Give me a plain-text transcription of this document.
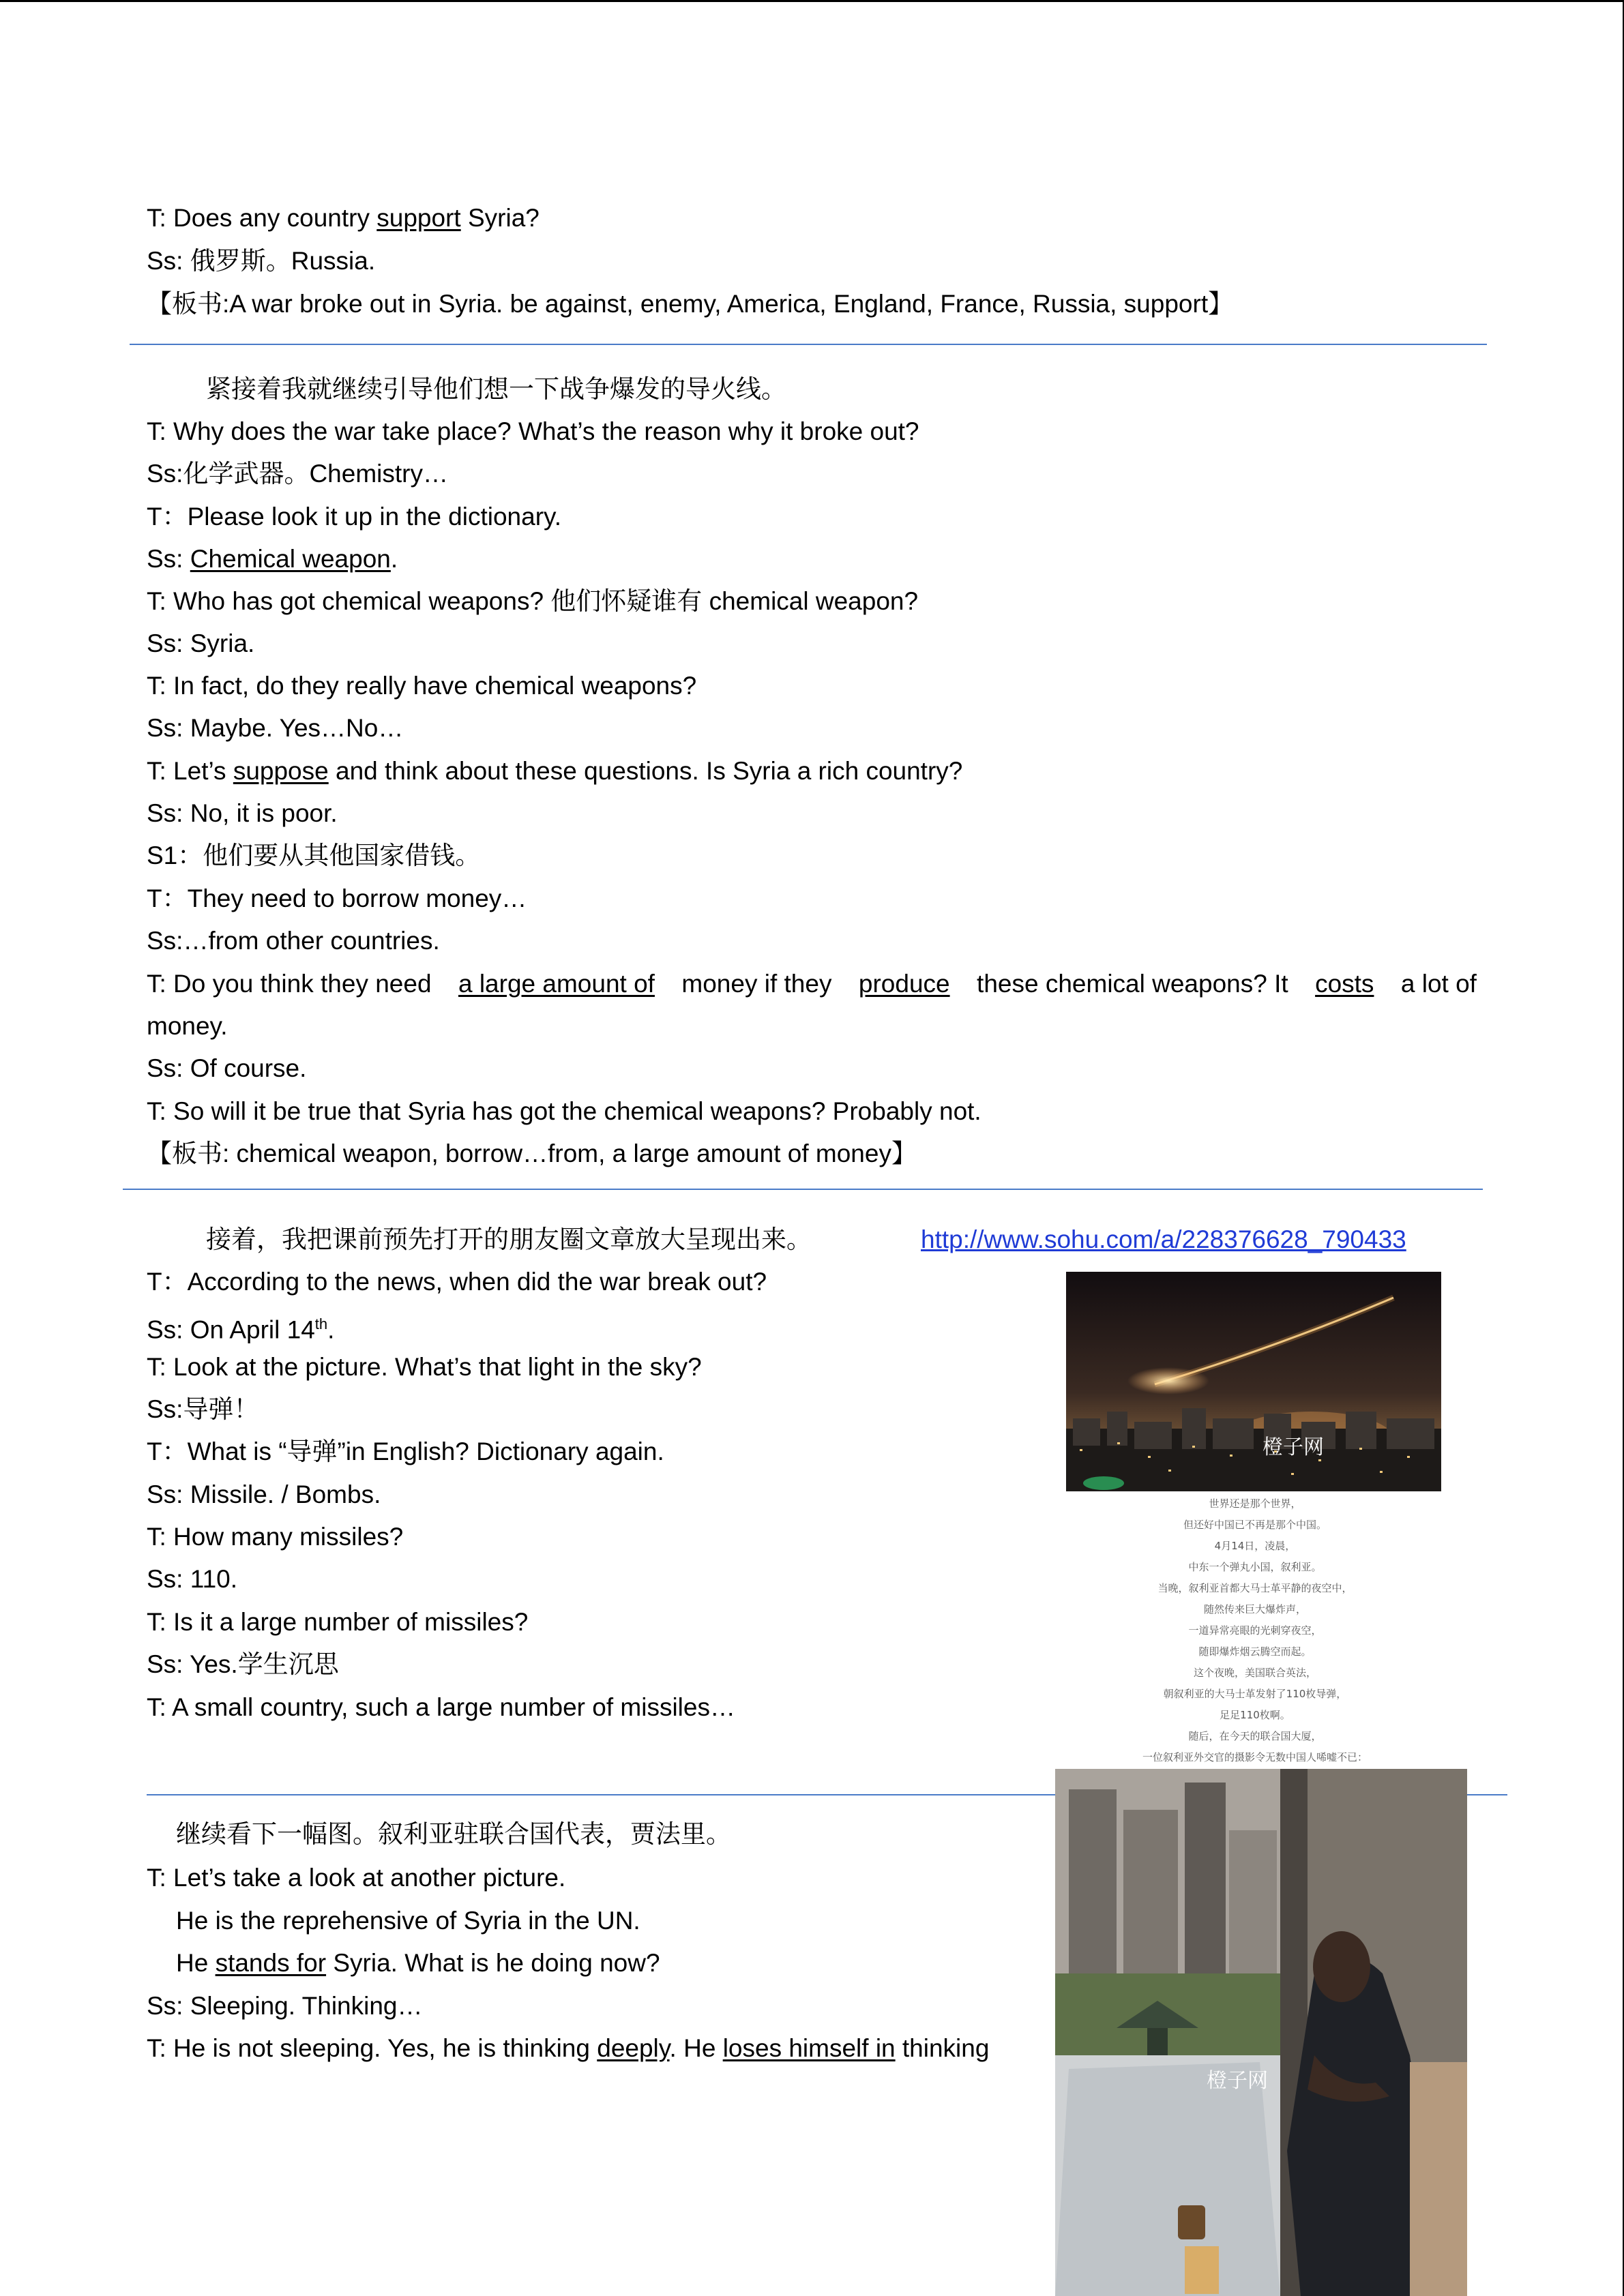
T: Does any country support Syria?
Ss: 俄罗斯。Russia.
【板书:A war broke out in Syria. be against, enemy, America, England, France, Russia, support】
紧接着我就继续引导他们想一下战争爆发的导火线。
T: Why does the war take place? What’s the reason why it broke out?
Ss:化学武器。Chemistry…
T：Please look it up in the dictionary.
Ss: Chemical weapon.
T: Who has got chemical weapons? 他们怀疑谁有 chemical weapon?
Ss: Syria.
T: In fact, do they really have chemical weapons?
Ss: Maybe. Yes…No…
T: Let’s suppose and think about these questions. Is Syria a rich country?
Ss: No, it is poor.
S1：他们要从其他国家借钱。
T：They need to borrow money…
Ss:…from other countries.
T: Do you think they need a large amount of money if they produce these chemical weapons? It costs a lot of
money.
Ss: Of course.
T: So will it be true that Syria has got the chemical weapons? Probably not.
【板书: chemical weapon, borrow…from, a large amount of money】
接着，我把课前预先打开的朋友圈文章放大呈现出来。	http://www.sohu.com/a/228376628_790433
T：According to the news, when did the war break out?
Ss: On April 14th.
T: Look at the picture. What’s that light in the sky?
Ss:导弹！
T：What is “导弹”in English? Dictionary again.
Ss: Missile. / Bombs.
T: How many missiles?
Ss: 110.
T: Is it a large number of missiles?
Ss: Yes.学生沉思
T: A small country, such a large number of missiles…
橙子网
世界还是那个世界，
但还好中国已不再是那个中国。
4月14日，凌晨，
中东一个弹丸小国，叙利亚。
当晚，叙利亚首都大马士革平静的夜空中，
随然传来巨大爆炸声，
一道异常亮眼的光刺穿夜空，
随即爆炸烟云腾空而起。
这个夜晚，美国联合英法，
朝叙利亚的大马士革发射了110枚导弹，
足足110枚啊。
随后，在今天的联合国大厦，
一位叙利亚外交官的摄影令无数中国人唏嘘不已：
继续看下一幅图。叙利亚驻联合国代表，贾法里。
T: Let’s take a look at another picture.
He is the reprehensive of Syria in the UN.
He stands for Syria. What is he doing now?
Ss: Sleeping. Thinking…
T: He is not sleeping. Yes, he is thinking deeply. He loses himself in thinking
橙子网
